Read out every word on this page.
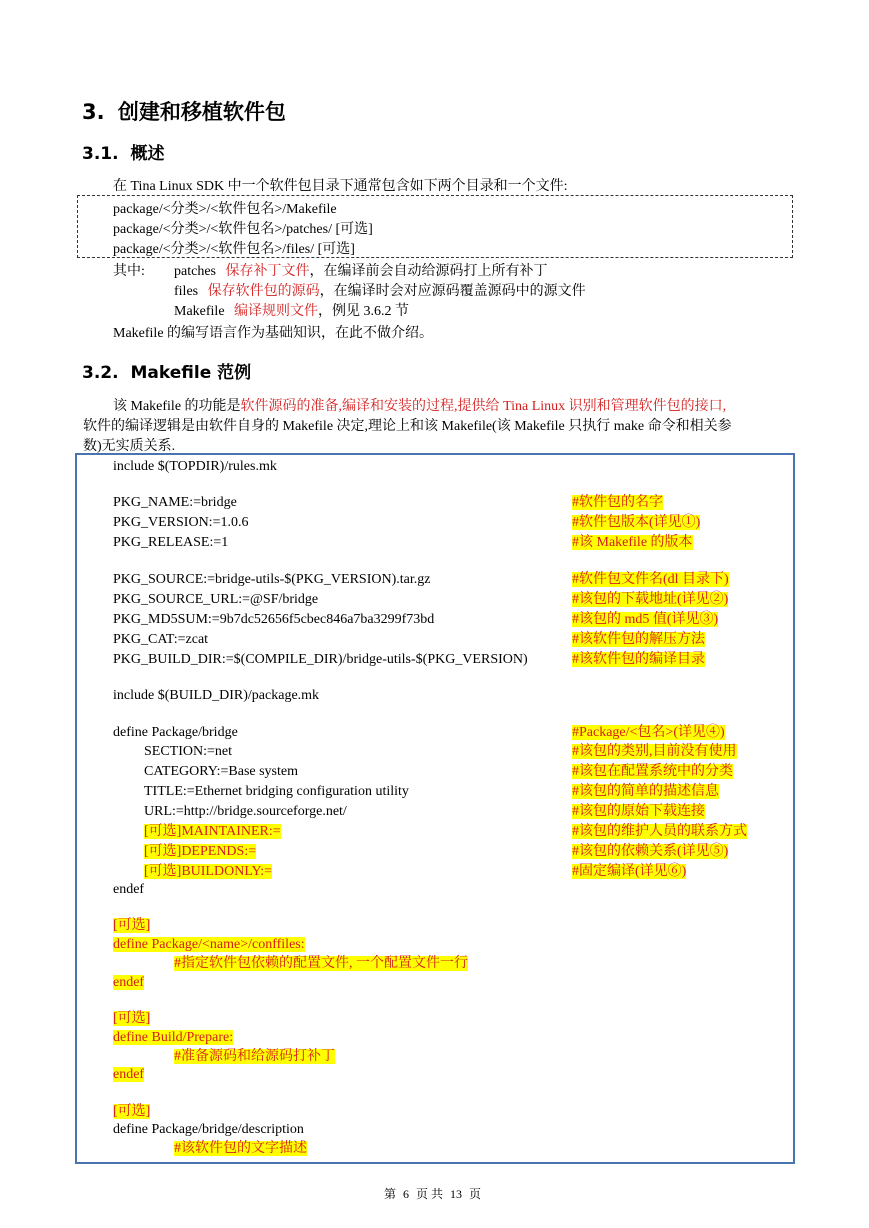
3. 创建和移植软件包
3.1. 概述
在 Tina Linux SDK 中一个软件包目录下通常包含如下两个目录和一个文件:
package/<分类>/<软件包名>/Makefile
package/<分类>/<软件包名>/patches/ [可选]
package/<分类>/<软件包名>/files/ [可选]
其中: patches 保存补丁文件，在编译前会自动给源码打上所有补丁
files 保存软件包的源码，在编译时会对应源码覆盖源码中的源文件
Makefile 编译规则文件，例见 3.6.2 节
Makefile 的编写语言作为基础知识，在此不做介绍。
3.2. Makefile 范例
该 Makefile 的功能是软件源码的准备,编译和安装的过程,提供给 Tina Linux 识别和管理软件包的接口,
软件的编译逻辑是由软件自身的 Makefile 决定,理论上和该 Makefile(该 Makefile 只执行 make 命令和相关参
数)无实质关系.
include $(TOPDIR)/rules.mk
PKG_NAME:=bridge	#软件包的名字
PKG_VERSION:=1.0.6	#软件包版本(详见①)
PKG_RELEASE:=1	#该 Makefile 的版本
PKG_SOURCE:=bridge-utils-$(PKG_VERSION).tar.gz	#软件包文件名(dl 目录下)
PKG_SOURCE_URL:=@SF/bridge	#该包的下载地址(详见②)
PKG_MD5SUM:=9b7dc52656f5cbec846a7ba3299f73bd	#该包的 md5 值(详见③)
PKG_CAT:=zcat	#该软件包的解压方法
PKG_BUILD_DIR:=$(COMPILE_DIR)/bridge-utils-$(PKG_VERSION)	#该软件包的编译目录
include $(BUILD_DIR)/package.mk
define Package/bridge	#Package/<包名>(详见④)
SECTION:=net	#该包的类别,目前没有使用
CATEGORY:=Base system	#该包在配置系统中的分类
TITLE:=Ethernet bridging configuration utility	#该包的简单的描述信息
URL:=http://bridge.sourceforge.net/	#该包的原始下载连接
[可选]MAINTAINER:=	#该包的维护人员的联系方式
[可选]DEPENDS:=	#该包的依赖关系(详见⑤)
[可选]BUILDONLY:=	#固定编译(详见⑥)
endef
[可选]
define Package/<name>/conffiles:
#指定软件包依赖的配置文件, 一个配置文件一行
endef
[可选]
define Build/Prepare:
#准备源码和给源码打补丁
endef
[可选]
define Package/bridge/description
#该软件包的文字描述
第 6 页 共 13 页
